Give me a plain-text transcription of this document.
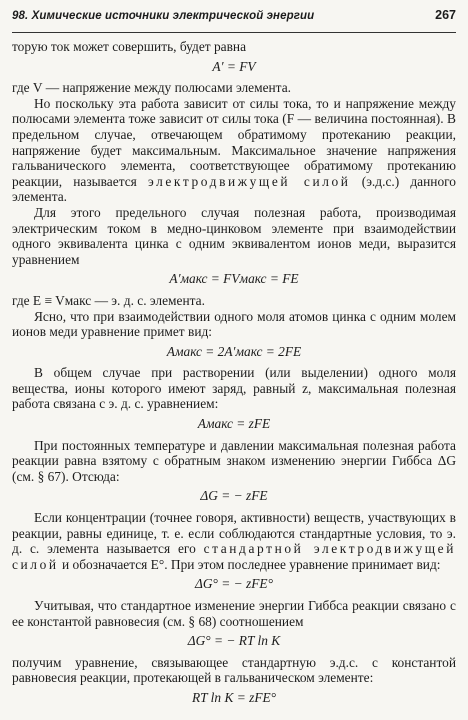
98. Химические источники электрической энергии	267

торую ток может совершить, будет равна

A′ = FV

где V — напряжение между полюсами элемента.

Но поскольку эта работа зависит от силы тока, то и напряжение между полюсами элемента тоже зависит от силы тока (F — величина постоянная). В предельном случае, отвечающем обратимому протеканию реакции, напряжение будет максимальным. Максимальное значение напряжения гальванического элемента, соответствующее обратимому протеканию реакции, называется электродвижущей силой (э.д.с.) данного элемента.

Для этого предельного случая полезная работа, производимая электрическим током в медно-цинковом элементе при взаимодействии одного эквивалента цинка с одним эквивалентом ионов меди, выразится уравнением

A′макс = FVмакс = FE

где E ≡ Vмакс — э. д. с. элемента.

Ясно, что при взаимодействии одного моля атомов цинка с одним молем ионов меди уравнение примет вид:

Aмакс = 2A′макс = 2FE

В общем случае при растворении (или выделении) одного моля вещества, ионы которого имеют заряд, равный z, максимальная полезная работа связана с э. д. с. уравнением:

Aмакс = zFE

При постоянных температуре и давлении максимальная полезная работа реакции равна взятому с обратным знаком изменению энергии Гиббса ΔG (см. § 67). Отсюда:

ΔG = − zFE

Если концентрации (точнее говоря, активности) веществ, участвующих в реакции, равны единице, т. е. если соблюдаются стандартные условия, то э. д. с. элемента называется его стандартной электродвижущей силой и обозначается E°. При этом последнее уравнение принимает вид:

ΔG° = − zFE°

Учитывая, что стандартное изменение энергии Гиббса реакции связано с ее константой равновесия (см. § 68) соотношением

ΔG° = − RT ln K

получим уравнение, связывающее стандартную э.д.с. с константой равновесия реакции, протекающей в гальваническом элементе:

RT ln K = zFE°
